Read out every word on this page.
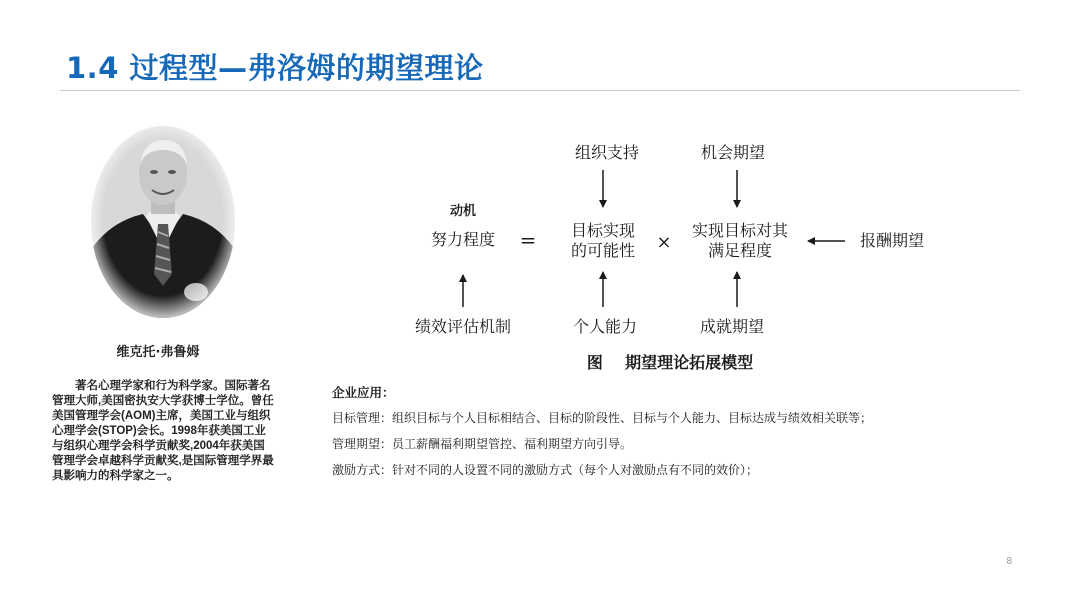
1.4 过程型—弗洛姆的期望理论
维克托·弗鲁姆

著名心理学家和行为科学家。国际著名管理大师,美国密执安大学获博士学位。曾任美国管理学会(AOM)主席，美国工业与组织心理学会(STOP)会长。1998年获美国工业与组织心理学会科学贡献奖,2004年获美国管理学会卓越科学贡献奖,是国际管理学界最具影响力的科学家之一。

组织支持	机会期望
动机
努力程度 = 目标实现
的可能性 ×
实现目标对其
满足程度
报酬期望
绩效评估机制	个人能力	成就期望
图    期望理论拓展模型

企业应用：

目标管理：组织目标与个人目标相结合、目标的阶段性、目标与个人能力、目标达成与绩效相关联等；

管理期望：员工薪酬福利期望管控、福利期望方向引导。

激励方式：针对不同的人设置不同的激励方式（每个人对激励点有不同的效价）；

8
